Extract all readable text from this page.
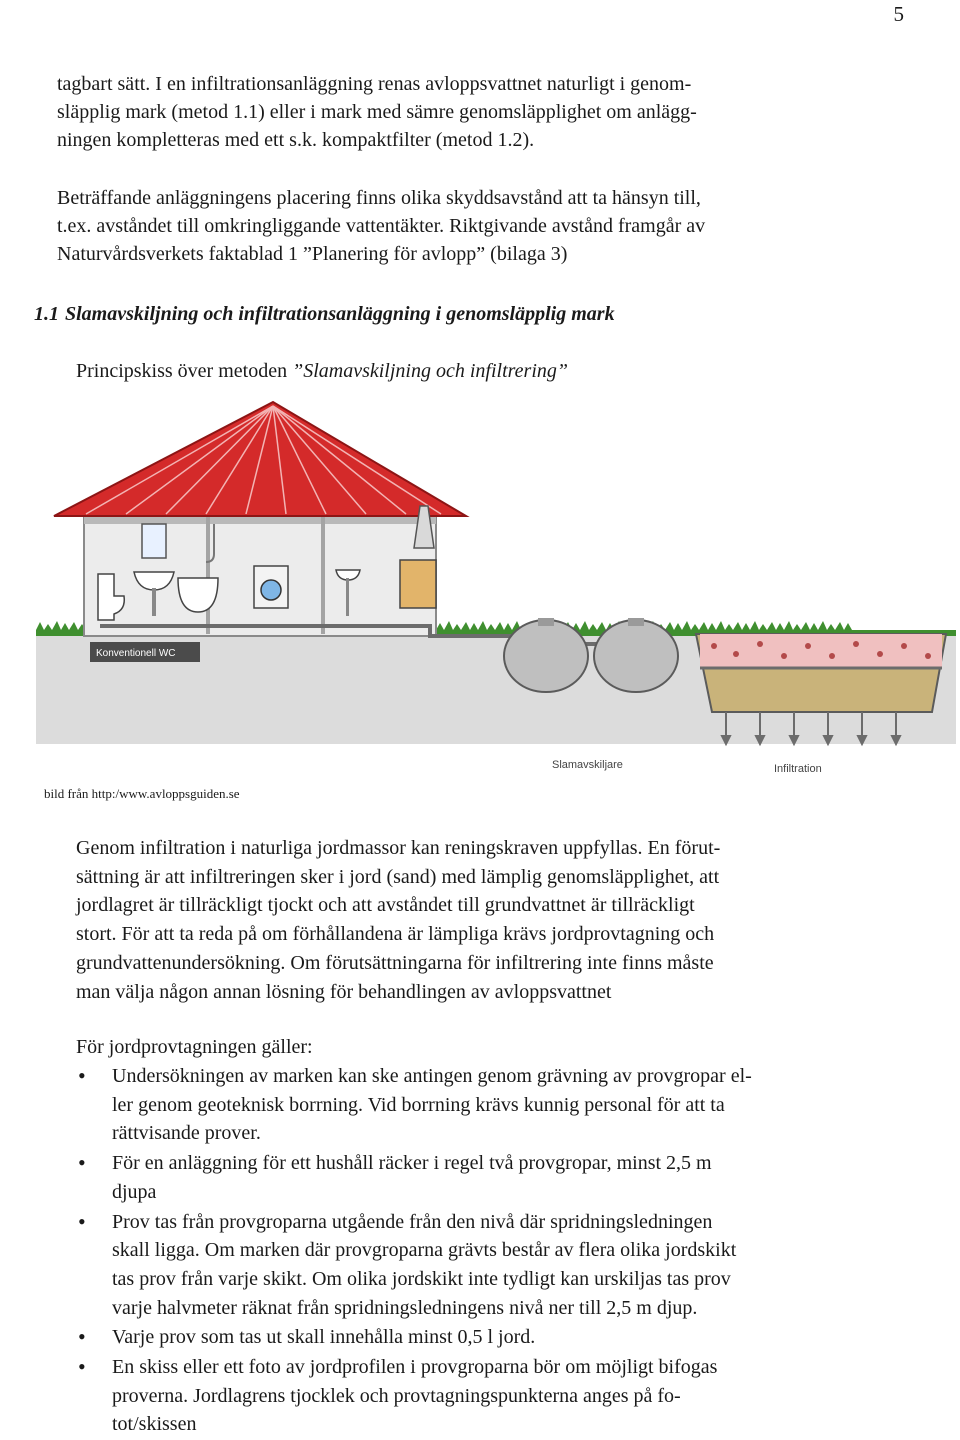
5

tagbart sätt. I en infiltrationsanläggning renas avloppsvattnet naturligt i genom-
släpplig mark (metod 1.1) eller i mark med sämre genomsläpplighet om anlägg-
ningen kompletteras med ett s.k. kompaktfilter (metod 1.2).

Beträffande anläggningens placering finns olika skyddsavstånd att ta hänsyn till,
t.ex. avståndet till omkringliggande vattentäkter. Riktgivande avstånd framgår av
Naturvårdsverkets faktablad 1 ”Planering för avlopp” (bilaga 3)

1.1 Slamavskiljning och infiltrationsanläggning i genomsläpplig mark

Principskiss över metoden ”Slamavskiljning och infiltrering”

Konventionell WC
Slamavskiljare	Infiltration

bild från http:/www.avloppsguiden.se

Genom infiltration i naturliga jordmassor kan reningskraven uppfyllas. En förut-
sättning är att infiltreringen sker i jord (sand) med lämplig genomsläpplighet, att
jordlagret är tillräckligt tjockt och att avståndet till grundvattnet är tillräckligt
stort. För att ta reda på om förhållandena är lämpliga krävs jordprovtagning och
grundvattenundersökning. Om förutsättningarna för infiltrering inte finns måste
man välja någon annan lösning för behandlingen av avloppsvattnet

För jordprovtagningen gäller:

• Undersökningen av marken kan ske antingen genom grävning av provgropar el-
ler genom geoteknisk borrning. Vid borrning krävs kunnig personal för att ta
rättvisande prover.
• För en anläggning för ett hushåll räcker i regel två provgropar, minst 2,5 m
djupa
• Prov tas från provgroparna utgående från den nivå där spridningsledningen
skall ligga. Om marken där provgroparna grävts består av flera olika jordskikt
tas prov från varje skikt. Om olika jordskikt inte tydligt kan urskiljas tas prov
varje halvmeter räknat från spridningsledningens nivå ner till 2,5 m djup.
• Varje prov som tas ut skall innehålla minst 0,5 l jord.
• En skiss eller ett foto av jordprofilen i provgroparna bör om möjligt bifogas
proverna. Jordlagrens tjocklek och provtagningspunkterna anges på fo-
tot/skissen
